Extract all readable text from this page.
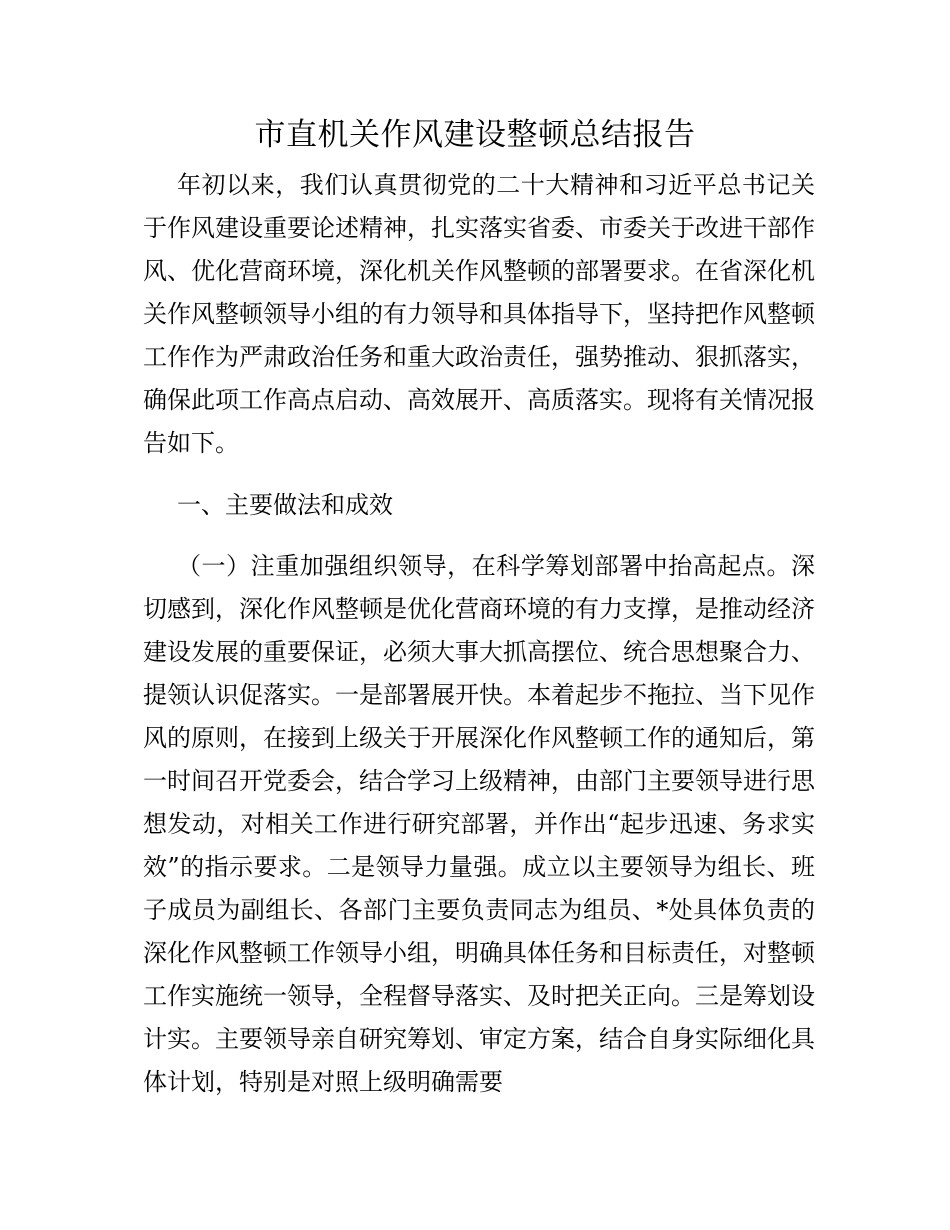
市直机关作风建设整顿总结报告

年初以来，我们认真贯彻党的二十大精神和习近平总书记关于作风建设重要论述精神，扎实落实省委、市委关于改进干部作风、优化营商环境，深化机关作风整顿的部署要求。在省深化机关作风整顿领导小组的有力领导和具体指导下，坚持把作风整顿工作作为严肃政治任务和重大政治责任，强势推动、狠抓落实，确保此项工作高点启动、高效展开、高质落实。现将有关情况报告如下。

一、主要做法和成效

（一）注重加强组织领导，在科学筹划部署中抬高起点。深切感到，深化作风整顿是优化营商环境的有力支撑，是推动经济建设发展的重要保证，必须大事大抓高摆位、统合思想聚合力、提领认识促落实。一是部署展开快。本着起步不拖拉、当下见作风的原则，在接到上级关于开展深化作风整顿工作的通知后，第一时间召开党委会，结合学习上级精神，由部门主要领导进行思想发动，对相关工作进行研究部署，并作出“起步迅速、务求实效”的指示要求。二是领导力量强。成立以主要领导为组长、班子成员为副组长、各部门主要负责同志为组员、*处具体负责的深化作风整顿工作领导小组，明确具体任务和目标责任，对整顿工作实施统一领导，全程督导落实、及时把关正向。三是筹划设计实。主要领导亲自研究筹划、审定方案，结合自身实际细化具体计划，特别是对照上级明确需要
